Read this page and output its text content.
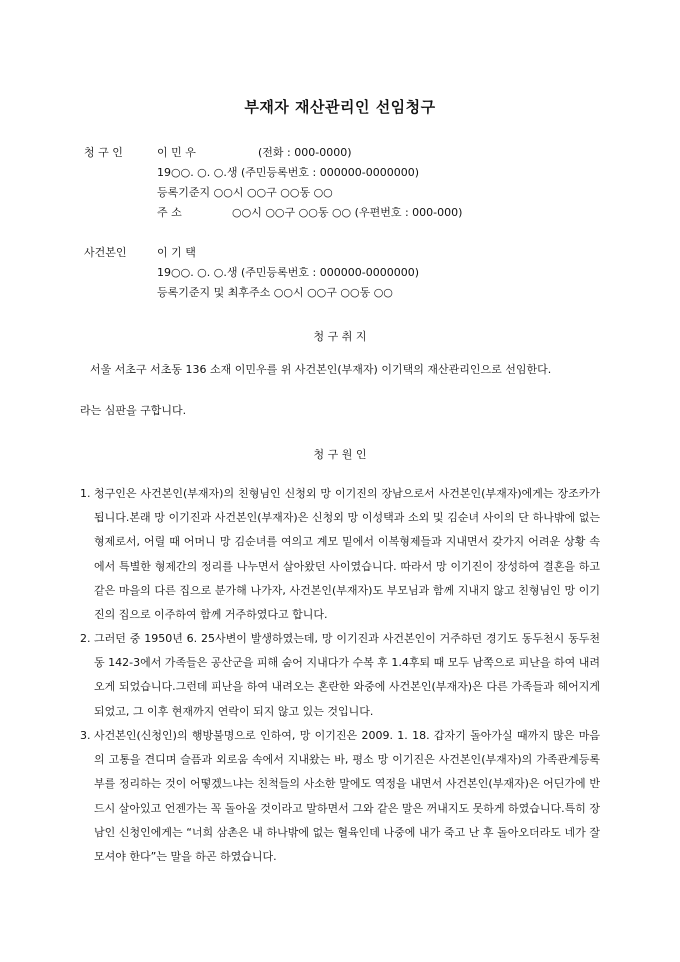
부재자 재산관리인 선임청구
청 구 인	이 민 우	(전화 : 000-0000)
19○○. ○. ○.생 (주민등록번호 : 000000-0000000)
등록기준지 ○○시 ○○구 ○○동 ○○
주 소	○○시 ○○구 ○○동 ○○ (우편번호 : 000-000)
사건본인	이 기 택
19○○. ○. ○.생 (주민등록번호 : 000000-0000000)
등록기준지 및 최후주소 ○○시 ○○구 ○○동 ○○
청 구 취 지
서울 서초구 서초동 136 소재 이민우를 위 사건본인(부재자) 이기택의 재산관리인으로 선임한다.
라는 심판을 구합니다.
청 구 원 인
1. 청구인은 사건본인(부재자)의 친형님인 신청외 망 이기진의 장남으로서 사건본인(부재자)에게는 장조카가 됩니다.본래 망 이기진과 사건본인(부재자)은 신청외 망 이성택과 소외 및 김순녀 사이의 단 하나밖에 없는 형제로서, 어릴 때 어머니 망 김순녀를 여의고 계모 밑에서 이복형제들과 지내면서 갖가지 어려운 상황 속에서 특별한 형제간의 정리를 나누면서 살아왔던 사이였습니다. 따라서 망 이기진이 장성하여 결혼을 하고 같은 마을의 다른 집으로 분가해 나가자, 사건본인(부재자)도 부모님과 함께 지내지 않고 친형님인 망 이기진의 집으로 이주하여 함께 거주하였다고 합니다.
2. 그러던 중 1950년 6. 25사변이 발생하였는데, 망 이기진과 사건본인이 거주하던 경기도 동두천시 동두천동 142-3에서 가족들은 공산군을 피해 숨어 지내다가 수복 후 1.4후퇴 때 모두 남쪽으로 피난을 하여 내려오게 되었습니다.그런데 피난을 하여 내려오는 혼란한 와중에 사건본인(부재자)은 다른 가족들과 헤어지게 되었고, 그 이후 현재까지 연락이 되지 않고 있는 것입니다.
3. 사건본인(신청인)의 행방불명으로 인하여, 망 이기진은 2009. 1. 18. 갑자기 돌아가실 때까지 많은 마음의 고통을 견디며 슬픔과 외로움 속에서 지내왔는 바, 평소 망 이기진은 사건본인(부재자)의 가족관계등록부를 정리하는 것이 어떻겠느냐는 친척들의 사소한 말에도 역정을 내면서 사건본인(부재자)은 어딘가에 반드시 살아있고 언젠가는 꼭 돌아올 것이라고 말하면서 그와 같은 말은 꺼내지도 못하게 하였습니다.특히 장남인 신청인에게는 “너희 삼촌은 내 하나밖에 없는 혈육인데 나중에 내가 죽고 난 후 돌아오더라도 네가 잘 모셔야 한다”는 말을 하곤 하였습니다.
